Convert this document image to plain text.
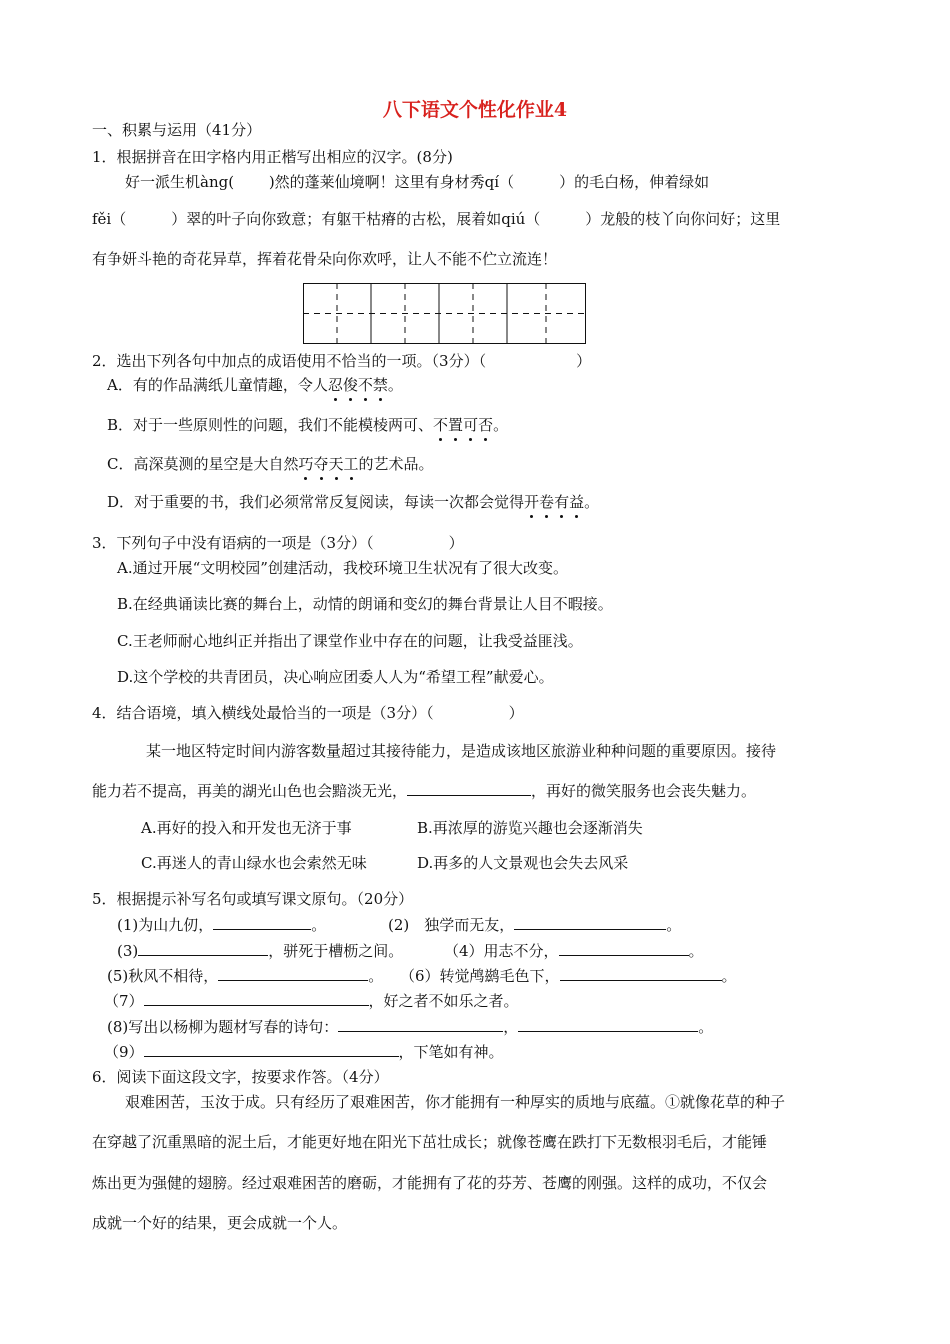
八下语文个性化作业4
一、积累与运用（41分）
1．根据拼音在田字格内用正楷写出相应的汉字。(8分)
好一派生机àng(　　 )然的蓬莱仙境啊！这里有身材秀qí（　　　）的毛白杨，伸着绿如
fěi（　　　）翠的叶子向你致意；有躯干枯瘠的古松，展着如qiú（　　　）龙般的枝丫向你问好；这里
有争妍斗艳的奇花异草，挥着花骨朵向你欢呼，让人不能不伫立流连！
2．选出下列各句中加点的成语使用不恰当的一项。（3分）（　　　　　　）
A．有的作品满纸儿童情趣，令人忍俊不禁。
B．对于一些原则性的问题，我们不能模棱两可、不置可否。
C．高深莫测的星空是大自然巧夺天工的艺术品。
D．对于重要的书，我们必须常常反复阅读，每读一次都会觉得开卷有益。
3．下列句子中没有语病的一项是（3分）（　　　　　）
A.通过开展“文明校园”创建活动，我校环境卫生状况有了很大改变。
B.在经典诵读比赛的舞台上，动情的朗诵和变幻的舞台背景让人目不暇接。
C.王老师耐心地纠正并指出了课堂作业中存在的问题，让我受益匪浅。
D.这个学校的共青团员，决心响应团委人人为“希望工程”献爱心。
4．结合语境，填入横线处最恰当的一项是（3分）（　　　　　）
某一地区特定时间内游客数量超过其接待能力，是造成该地区旅游业种种问题的重要原因。接待
能力若不提高，再美的湖光山色也会黯淡无光，	，再好的微笑服务也会丧失魅力。
A.再好的投入和开发也无济于事	B.再浓厚的游览兴趣也会逐渐消失
C.再迷人的青山绿水也会索然无味	D.再多的人文景观也会失去风采
5．根据提示补写名句或填写课文原句。（20分）
(1)为山九仞，	。	(2)　独学而无友，	。
(3)	，骈死于槽枥之间。	（4）用志不分，	。
(5)秋风不相待，	。 （6）转觉鸬鹚毛色下，	。
（7）	，好之者不如乐之者。
(8)写出以杨柳为题材写春的诗句：	，	。
（9）	，下笔如有神。
6．阅读下面这段文字，按要求作答。（4分）
艰难困苦，玉汝于成。只有经历了艰难困苦，你才能拥有一种厚实的质地与底蕴。①就像花草的种子
在穿越了沉重黑暗的泥土后，才能更好地在阳光下茁壮成长；就像苍鹰在跌打下无数根羽毛后，才能锤
炼出更为强健的翅膀。经过艰难困苦的磨砺，才能拥有了花的芬芳、苍鹰的刚强。这样的成功，不仅会
成就一个好的结果，更会成就一个人。
